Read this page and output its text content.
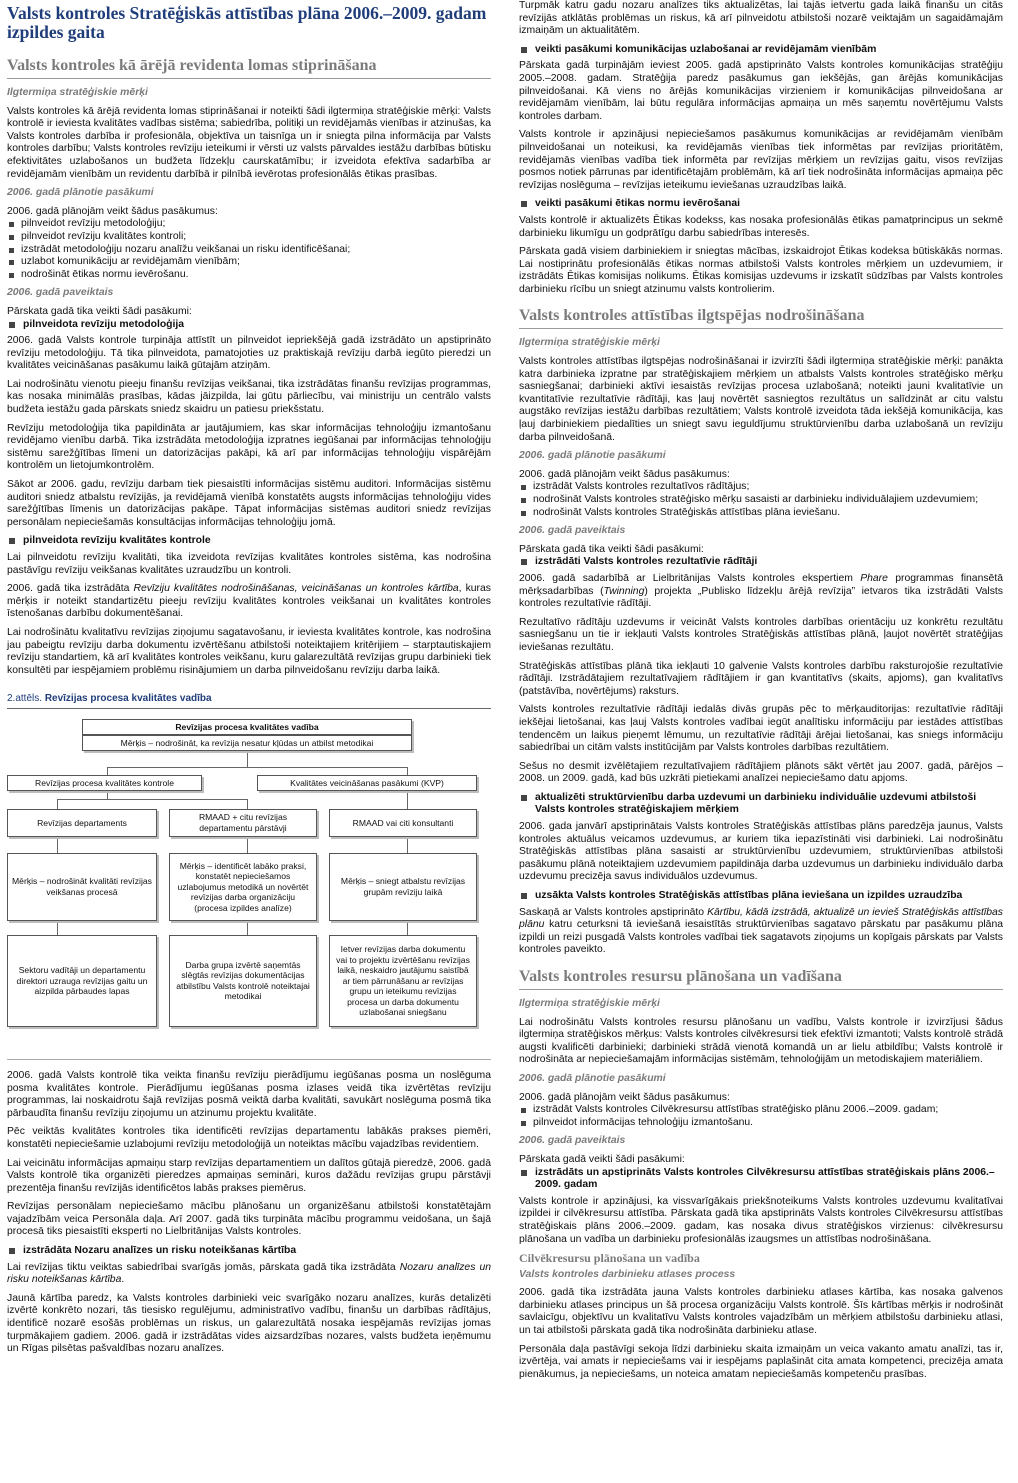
Valsts kontroles Stratēģiskās attīstības plāna 2006.–2009. gadam izpildes gaita
Valsts kontroles kā ārējā revidenta lomas stiprināšana
Ilgtermiņa stratēģiskie mērķi

Valsts kontroles kā ārējā revidenta lomas stiprināšanai ir noteikti šādi ilgtermiņa stratēģiskie mērķi: Valsts kontrolē ir ieviesta kvalitātes vadības sistēma; sabiedrība, politiķi un revidējamās vienības ir atzinušas, ka Valsts kontroles darbība ir profesionāla, objektīva un taisnīga un ir sniegta pilna informācija par Valsts kontroles darbību; Valsts kontroles revīziju ieteikumi ir vērsti uz valsts pārvaldes iestāžu darbības būtisku efektivitātes uzlabošanos un budžeta līdzekļu caurskatāmību; ir izveidota efektīva sadarbība ar revidējamām vienībām un revidentu darbībā ir pilnībā ievērotas profesionālās ētikas prasības.

2006. gadā plānotie pasākumi

2006. gadā plānojām veikt šādus pasākumus:

pilnveidot revīziju metodoloģiju;
pilnveidot revīziju kvalitātes kontroli;
izstrādāt metodoloģiju nozaru analīžu veikšanai un risku identificēšanai;
uzlabot komunikāciju ar revidējamām vienībām;
nodrošināt ētikas normu ievērošanu.
2006. gadā paveiktais

Pārskata gadā tika veikti šādi pasākumi:

pilnveidota revīziju metodoloģija

2006. gadā Valsts kontrole turpināja attīstīt un pilnveidot iepriekšējā gadā izstrādāto un apstiprināto revīziju metodoloģiju. Tā tika pilnveidota, pamatojoties uz praktiskajā revīziju darbā iegūto pieredzi un kvalitātes veicināšanas pasākumu laikā gūtajām atziņām.

Lai nodrošinātu vienotu pieeju finanšu revīzijas veikšanai, tika izstrādātas finanšu revīzijas programmas, kas nosaka minimālās prasības, kādas jāizpilda, lai gūtu pārliecību, vai ministriju un centrālo valsts budžeta iestāžu gada pārskats sniedz skaidru un patiesu priekšstatu.

Revīziju metodoloģija tika papildināta ar jautājumiem, kas skar informācijas tehnoloģiju izmantošanu revidējamo vienību darbā. Tika izstrādāta metodoloģija izpratnes iegūšanai par informācijas tehnoloģiju sistēmu sarežģītības līmeni un datorizācijas pakāpi, kā arī par informācijas tehnoloģiju vispārējām kontrolēm un lietojumkontrolēm.

Sākot ar 2006. gadu, revīziju darbam tiek piesaistīti informācijas sistēmu auditori. Informācijas sistēmu auditori sniedz atbalstu revīzijās, ja revidējamā vienībā konstatēts augsts informācijas tehnoloģiju vides sarežģītības līmenis un datorizācijas pakāpe. Tāpat informācijas sistēmas auditori sniedz revīzijas personālam nepieciešamās konsultācijas informācijas tehnoloģiju jomā.

pilnveidota revīziju kvalitātes kontrole

Lai pilnveidotu revīziju kvalitāti, tika izveidota revīzijas kvalitātes kontroles sistēma, kas nodrošina pastāvīgu revīziju veikšanas kvalitātes uzraudzību un kontroli.

2006. gadā tika izstrādāta Revīziju kvalitātes nodrošināšanas, veicināšanas un kontroles kārtība, kuras mērķis ir noteikt standartizētu pieeju revīziju kvalitātes kontroles veikšanai un kvalitātes kontroles īstenošanas darbību dokumentēšanai.

Lai nodrošinātu kvalitatīvu revīzijas ziņojumu sagatavošanu, ir ieviesta kvalitātes kontrole, kas nodrošina jau pabeigtu revīziju darba dokumentu izvērtēšanu atbilstoši noteiktajiem kritērijiem – starptautiskajiem revīziju standartiem, kā arī kvalitātes kontroles veikšanu, kuru galarezultātā revīzijas grupu darbinieki tiek konsultēti par iespējamiem problēmu risinājumiem un darba pilnveidošanu revīziju darba laikā.

2.attēls. Revīzijas procesa kvalitātes vadība
Revīzijas procesa kvalitātes vadība
Mērķis – nodrošināt, ka revīzija nesatur kļūdas un atbilst metodikai
Revīzijas procesa kvalitātes kontrole	Kvalitātes veicināšanas pasākumi (KVP)
Revīzijas departaments
RMAAD + citu revīzijas departamentu pārstāvji
RMAAD vai citi konsultanti
Mērķis – nodrošināt kvalitāti revīzijas veikšanas procesā
Mērķis – identificēt labāko praksi, konstatēt nepieciešamos uzlabojumus metodikā un novērtēt revīzijas darba organizāciju (procesa izpildes analīze)
Mērķis – sniegt atbalstu revīzijas grupām revīziju laikā
Sektoru vadītāji un departamentu direktori uzrauga revīzijas gaitu un aizpilda pārbaudes lapas
Darba grupa izvērtē saņemtās slēgtās revīzijas dokumentācijas atbilstību Valsts kontrolē noteiktajai metodikai
Ietver revīzijas darba dokumentu vai to projektu izvērtēšanu revīzijas laikā, neskaidro jautājumu saistībā ar tiem pārrunāšanu ar revīzijas grupu un ieteikumu revīzijas procesa un darba dokumentu uzlabošanai sniegšanu

2006. gadā Valsts kontrolē tika veikta finanšu revīziju pierādījumu iegūšanas posma un noslēguma posma kvalitātes kontrole. Pierādījumu iegūšanas posma izlases veidā tika izvērtētas revīziju programmas, lai noskaidrotu šajā revīzijas posmā veiktā darba kvalitāti, savukārt noslēguma posmā tika pārbaudīta finanšu revīziju ziņojumu un atzinumu projektu kvalitāte.

Pēc veiktās kvalitātes kontroles tika identificēti revīzijas departamentu labākās prakses piemēri, konstatēti nepieciešamie uzlabojumi revīziju metodoloģijā un noteiktas mācību vajadzības revidentiem.

Lai veicinātu informācijas apmaiņu starp revīzijas departamentiem un dalītos gūtajā pieredzē, 2006. gadā Valsts kontrolē tika organizēti pieredzes apmaiņas semināri, kuros dažādu revīzijas grupu pārstāvji prezentēja finanšu revīzijās identificētos labās prakses piemērus.

Revīzijas personālam nepieciešamo mācību plānošanu un organizēšanu atbilstoši konstatētajām vajadzībām veica Personāla daļa. Arī 2007. gadā tiks turpināta mācību programmu veidošana, un šajā procesā tiks piesaistīti eksperti no Lielbritānijas Valsts kontroles.

izstrādāta Nozaru analīzes un risku noteikšanas kārtība

Lai revīzijas tiktu veiktas sabiedrībai svarīgās jomās, pārskata gadā tika izstrādāta Nozaru analīzes un risku noteikšanas kārtība.

Jaunā kārtība paredz, ka Valsts kontroles darbinieki veic svarīgāko nozaru analīzes, kurās detalizēti izvērtē konkrēto nozari, tās tiesisko regulējumu, administratīvo vadību, finanšu un darbības rādītājus, identificē nozarē esošās problēmas un riskus, un galarezultātā nosaka iespējamās revīzijas jomas turpmākajiem gadiem. 2006. gadā ir izstrādātas vides aizsardzības nozares, valsts budžeta ieņēmumu un Rīgas pilsētas pašvaldības nozaru analīzes.

Turpmāk katru gadu nozaru analīzes tiks aktualizētas, lai tajās ietvertu gada laikā finanšu un citās revīzijās atklātās problēmas un riskus, kā arī pilnveidotu atbilstoši nozarē veiktajām un sagaidāmajām izmaiņām un aktualitātēm.

veikti pasākumi komunikācijas uzlabošanai ar revidējamām vienībām

Pārskata gadā turpinājām ieviest 2005. gadā apstiprināto Valsts kontroles komunikācijas stratēģiju 2005.–2008. gadam. Stratēģija paredz pasākumus gan iekšējās, gan ārējās komunikācijas pilnveidošanai. Kā viens no ārējās komunikācijas virzieniem ir komunikācijas pilnveidošana ar revidējamām vienībām, lai būtu regulāra informācijas apmaiņa un mēs saņemtu novērtējumu Valsts kontroles darbam.

Valsts kontrole ir apzinājusi nepieciešamos pasākumus komunikācijas ar revidējamām vienībām pilnveidošanai un noteikusi, ka revidējamās vienības tiek informētas par revīzijas prioritātēm, revidējamās vienības vadība tiek informēta par revīzijas mērķiem un revīzijas gaitu, visos revīzijas posmos notiek pārrunas par identificētajām problēmām, kā arī tiek nodrošināta informācijas apmaiņa pēc revīzijas noslēguma – revīzijas ieteikumu ieviešanas uzraudzības laikā.

veikti pasākumi ētikas normu ievērošanai

Valsts kontrolē ir aktualizēts Ētikas kodekss, kas nosaka profesionālās ētikas pamatprincipus un sekmē darbinieku likumīgu un godprātīgu darbu sabiedrības interesēs.

Pārskata gadā visiem darbiniekiem ir sniegtas mācības, izskaidrojot Ētikas kodeksa būtiskākās normas. Lai nostiprinātu profesionālās ētikas normas atbilstoši Valsts kontroles mērķiem un uzdevumiem, ir izstrādāts Ētikas komisijas nolikums. Ētikas komisijas uzdevums ir izskatīt sūdzības par Valsts kontroles darbinieku rīcību un sniegt atzinumu valsts kontrolierim.

Valsts kontroles attīstības ilgtspējas nodrošināšana
Ilgtermiņa stratēģiskie mērķi

Valsts kontroles attīstības ilgtspējas nodrošināšanai ir izvirzīti šādi ilgtermiņa stratēģiskie mērķi: panākta katra darbinieka izpratne par stratēģiskajiem mērķiem un atbalsts Valsts kontroles stratēģisko mērķu sasniegšanai; darbinieki aktīvi iesaistās revīzijas procesa uzlabošanā; noteikti jauni kvalitatīvie un kvantitatīvie rezultatīvie rādītāji, kas ļauj novērtēt sasniegtos rezultātus un salīdzināt ar citu valstu augstāko revīzijas iestāžu darbības rezultātiem; Valsts kontrolē izveidota tāda iekšējā komunikācija, kas ļauj darbiniekiem piedalīties un sniegt savu ieguldījumu struktūrvienību darba uzlabošanā un revīziju darba pilnveidošanā.

2006. gadā plānotie pasākumi

2006. gadā plānojām veikt šādus pasākumus:

izstrādāt Valsts kontroles rezultatīvos rādītājus;
nodrošināt Valsts kontroles stratēģisko mērķu sasaisti ar darbinieku individuālajiem uzdevumiem;
nodrošināt Valsts kontroles Stratēģiskās attīstības plāna ieviešanu.
2006. gadā paveiktais

Pārskata gadā tika veikti šādi pasākumi:

izstrādāti Valsts kontroles rezultatīvie rādītāji

2006. gadā sadarbībā ar Lielbritānijas Valsts kontroles ekspertiem Phare programmas finansētā mērķsadarbības (Twinning) projekta „Publisko līdzekļu ārējā revīzija” ietvaros tika izstrādāti Valsts kontroles rezultatīvie rādītāji.

Rezultatīvo rādītāju uzdevums ir veicināt Valsts kontroles darbības orientāciju uz konkrētu rezultātu sasniegšanu un tie ir iekļauti Valsts kontroles Stratēģiskās attīstības plānā, ļaujot novērtēt stratēģijas ieviešanas rezultātu.

Stratēģiskās attīstības plānā tika iekļauti 10 galvenie Valsts kontroles darbību raksturojošie rezultatīvie rādītāji. Izstrādātajiem rezultatīvajiem rādītājiem ir gan kvantitatīvs (skaits, apjoms), gan kvalitatīvs (patstāvība, novērtējums) raksturs.

Valsts kontroles rezultatīvie rādītāji iedalās divās grupās pēc to mērķauditorijas: rezultatīvie rādītāji iekšējai lietošanai, kas ļauj Valsts kontroles vadībai iegūt analītisku informāciju par iestādes attīstības tendencēm un laikus pieņemt lēmumu, un rezultatīvie rādītāji ārējai lietošanai, kas sniegs informāciju sabiedrībai un citām valsts institūcijām par Valsts kontroles darbības rezultātiem.

Sešus no desmit izvēlētajiem rezultatīvajiem rādītājiem plānots sākt vērtēt jau 2007. gadā, pārējos – 2008. un 2009. gadā, kad būs uzkrāti pietiekami analīzei nepieciešamo datu apjoms.

aktualizēti struktūrvienību darba uzdevumi un darbinieku individuālie uzdevumi atbilstoši Valsts kontroles stratēģiskajiem mērķiem

2006. gada janvārī apstiprinātais Valsts kontroles Stratēģiskās attīstības plāns paredzēja jaunus, Valsts kontroles aktuālus veicamos uzdevumus, ar kuriem tika iepazīstināti visi darbinieki. Lai nodrošinātu Stratēģiskās attīstības plāna sasaisti ar struktūrvienību uzdevumiem, struktūrvienības atbilstoši pasākumu plānā noteiktajiem uzdevumiem papildināja darba uzdevumus un darbinieku individuālo darba uzdevumu precizēja savus individuālos uzdevumus.

uzsākta Valsts kontroles Stratēģiskās attīstības plāna ieviešana un izpildes uzraudzība

Saskaņā ar Valsts kontroles apstiprināto Kārtību, kādā izstrādā, aktualizē un ievieš Stratēģiskās attīstības plānu katru ceturksni tā ieviešanā iesaistītās struktūrvienības sagatavo pārskatu par pasākumu plāna izpildi un reizi pusgadā Valsts kontroles vadībai tiek sagatavots ziņojums un kopīgais pārskats par Valsts kontroles paveikto.

Valsts kontroles resursu plānošana un vadīšana
Ilgtermiņa stratēģiskie mērķi

Lai nodrošinātu Valsts kontroles resursu plānošanu un vadību, Valsts kontrole ir izvirzījusi šādus ilgtermiņa stratēģiskos mērķus: Valsts kontroles cilvēkresursi tiek efektīvi izmantoti; Valsts kontrolē strādā augsti kvalificēti darbinieki; darbinieki strādā vienotā komandā un ar lielu atbildību; Valsts kontrolē ir nodrošināta ar nepieciešamajām informācijas sistēmām, tehnoloģijām un metodiskajiem materiāliem.

2006. gadā plānotie pasākumi

2006. gadā plānojām veikt šādus pasākumus:

izstrādāt Valsts kontroles Cilvēkresursu attīstības stratēģisko plānu 2006.–2009. gadam;
pilnveidot informācijas tehnoloģiju izmantošanu.
2006. gadā paveiktais

Pārskata gadā veikti šādi pasākumi:

izstrādāts un apstiprināts Valsts kontroles Cilvēkresursu attīstības stratēģiskais plāns 2006.–2009. gadam

Valsts kontrole ir apzinājusi, ka vissvarīgākais priekšnoteikums Valsts kontroles uzdevumu kvalitatīvai izpildei ir cilvēkresursu attīstība. Pārskata gadā tika apstiprināts Valsts kontroles Cilvēkresursu attīstības stratēģiskais plāns 2006.–2009. gadam, kas nosaka divus stratēģiskos virzienus: cilvēkresursu plānošana un vadība un darbinieku profesionālās izaugsmes un attīstības nodrošināšana.

Cilvēkresursu plānošana un vadība
Valsts kontroles darbinieku atlases process

2006. gadā tika izstrādāta jauna Valsts kontroles darbinieku atlases kārtība, kas nosaka galvenos darbinieku atlases principus un šā procesa organizāciju Valsts kontrolē. Šīs kārtības mērķis ir nodrošināt savlaicīgu, objektīvu un kvalitatīvu Valsts kontroles vajadzībām un mērķiem atbilstošu darbinieku atlasi, un tai atbilstoši pārskata gadā tika nodrošināta darbinieku atlase.

Personāla daļa pastāvīgi sekoja līdzi darbinieku skaita izmaiņām un veica vakanto amatu analīzi, tas ir, izvērtēja, vai amats ir nepieciešams vai ir iespējams paplašināt cita amata kompetenci, precizēja amata pienākumus, ja nepieciešams, un noteica amatam nepieciešamās kompetenču prasības.
